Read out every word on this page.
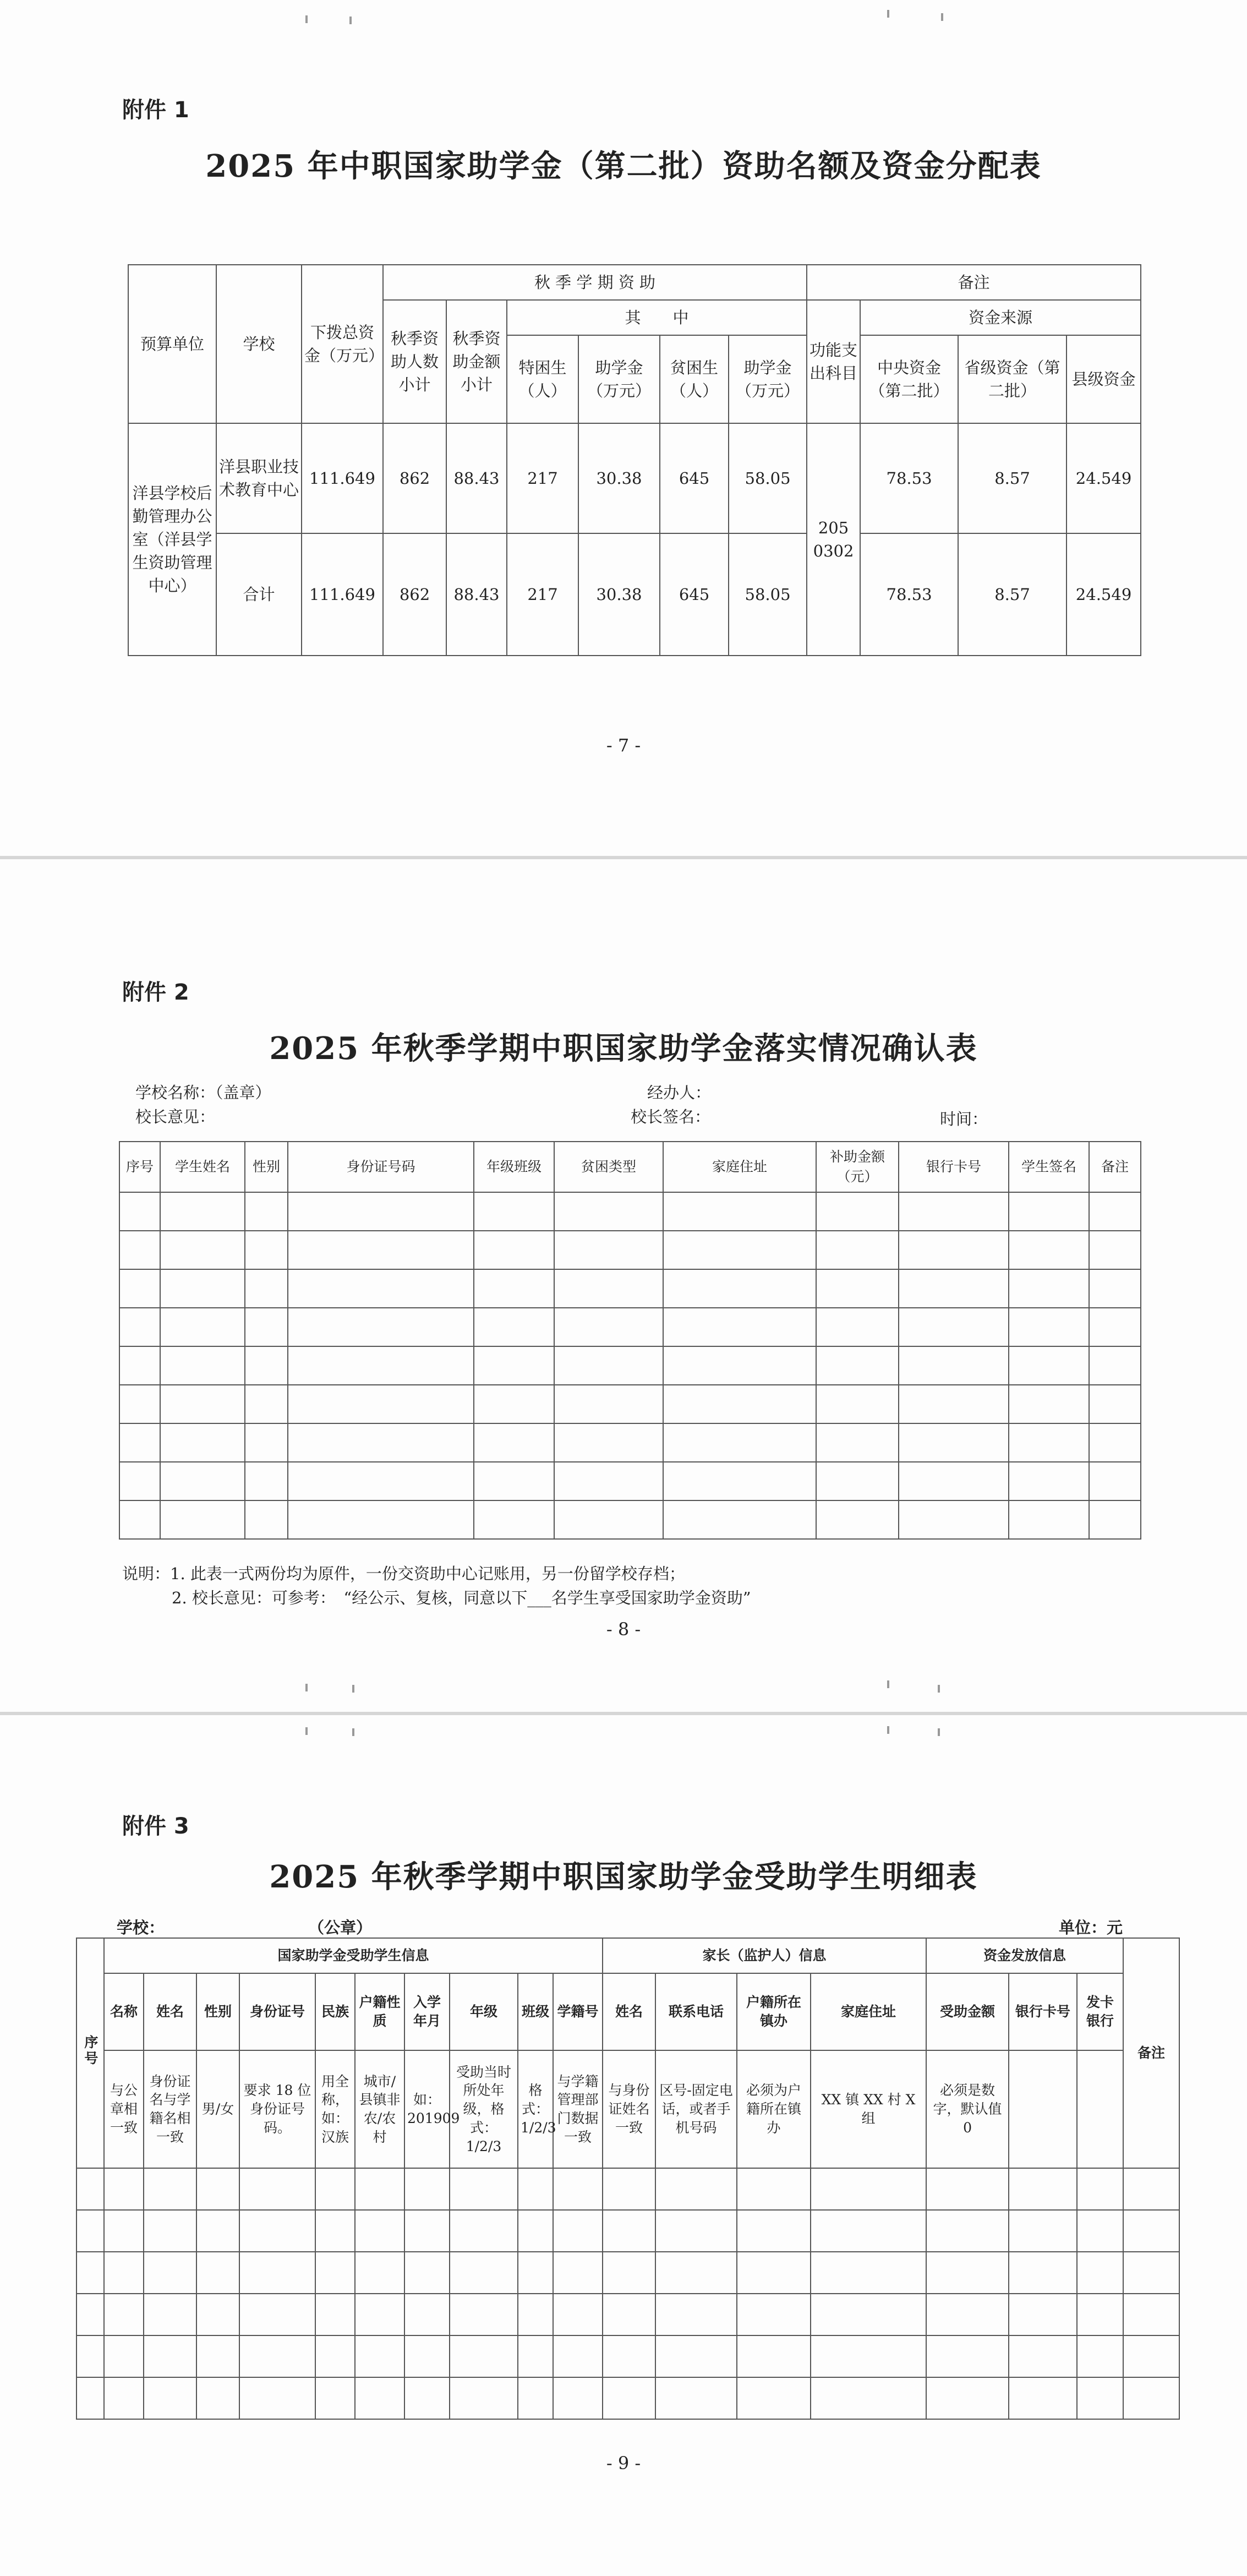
附件 1
2025 年中职国家助学金（第二批）资助名额及资金分配表
预算单位	学校	下拨总资金（万元）	秋 季 学 期 资 助						备注			
			秋季资助人数小计	秋季资助金额小计	其　　中				功能支出科目	资金来源		
					特困生（人）	助学金（万元）	贫困生（人）	助学金（万元）		中央资金（第二批）	省级资金（第二批）	县级资金
洋县学校后勤管理办公室（洋县学生资助管理中心）	洋县职业技术教育中心	111.649	862	88.43	217	30.38	645	58.05	205 0302	78.53	8.57	24.549
	合计	111.649	862	88.43	217	30.38	645	58.05		78.53	8.57	24.549
- 7 -
附件 2
2025 年秋季学期中职国家助学金落实情况确认表
学校名称：（盖章）	经办人：
校长意见：	校长签名：	时间：
序号	学生姓名	性别	身份证号码	年级班级	贫困类型	家庭住址	补助金额（元）	银行卡号	学生签名	备注

说明：1. 此表一式两份均为原件，一份交资助中心记账用，另一份留学校存档；
2. 校长意见：可参考：　“经公示、复核，同意以下___名学生享受国家助学金资助”
- 8 -
附件 3
2025 年秋季学期中职国家助学金受助学生明细表
学校：	（公章）	单位：元
序号	国家助学金受助学生信息										家长（监护人）信息				资金发放信息			备注
	名称	姓名	性别	身份证号	民族	户籍性质	入学年月	年级	班级	学籍号	姓名	联系电话	户籍所在镇办	家庭住址	受助金额	银行卡号	发卡银行	
	与公章相一致	身份证名与学籍名相一致	男/女	要求 18 位身份证号码。	用全称，如：汉族	城市/县镇非农/农村	如：201909	受助当时所处年级，格式：1/2/3	格式：1/2/3	与学籍管理部门数据一致	与身份证姓名一致	区号-固定电话，或者手机号码	必须为户籍所在镇办	XX 镇 XX 村 X 组	必须是数字，默认值 0			

- 9 -
